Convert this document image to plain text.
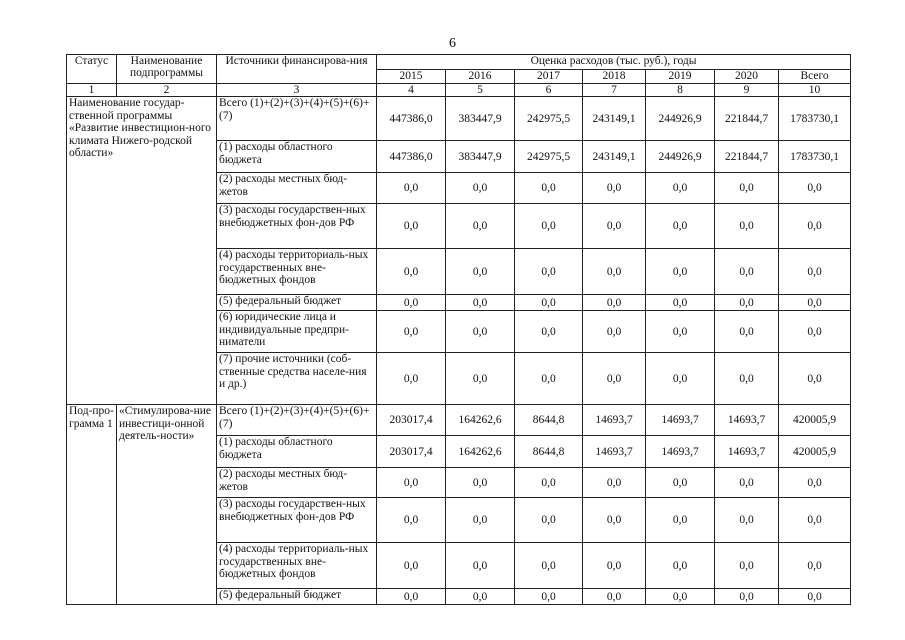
6
Статус	Наименование подпрограммы	Источники финансирова-ния	Оценка расходов (тыс. руб.), годы						
			2015	2016	2017	2018	2019	2020	Всего
1	2	3	4	5	6	7	8	9	10
Наименование государ-ственной программы «Развитие инвестицион-ного климата Нижего-родской области»		Всего (1)+(2)+(3)+(4)+(5)+(6)+(7)	447386,0	383447,9	242975,5	243149,1	244926,9	221844,7	1783730,1
		(1) расходы областного бюджета	447386,0	383447,9	242975,5	243149,1	244926,9	221844,7	1783730,1
		(2) расходы местных бюд-жетов	0,0	0,0	0,0	0,0	0,0	0,0	0,0
		(3) расходы государствен-ных внебюджетных фон-дов РФ	0,0	0,0	0,0	0,0	0,0	0,0	0,0
		(4) расходы территориаль-ных государственных вне-бюджетных фондов	0,0	0,0	0,0	0,0	0,0	0,0	0,0
		(5) федеральный бюджет	0,0	0,0	0,0	0,0	0,0	0,0	0,0
		(6) юридические лица и индивидуальные предпри-ниматели	0,0	0,0	0,0	0,0	0,0	0,0	0,0
		(7) прочие источники (соб-ственные средства населе-ния и др.)	0,0	0,0	0,0	0,0	0,0	0,0	0,0
Под-про-грамма 1	«Стимулирова-ние инвестици-онной деятель-ности»	Всего (1)+(2)+(3)+(4)+(5)+(6)+(7)	203017,4	164262,6	8644,8	14693,7	14693,7	14693,7	420005,9
		(1) расходы областного бюджета	203017,4	164262,6	8644,8	14693,7	14693,7	14693,7	420005,9
		(2) расходы местных бюд-жетов	0,0	0,0	0,0	0,0	0,0	0,0	0,0
		(3) расходы государствен-ных внебюджетных фон-дов РФ	0,0	0,0	0,0	0,0	0,0	0,0	0,0
		(4) расходы территориаль-ных государственных вне-бюджетных фондов	0,0	0,0	0,0	0,0	0,0	0,0	0,0
		(5) федеральный бюджет	0,0	0,0	0,0	0,0	0,0	0,0	0,0
